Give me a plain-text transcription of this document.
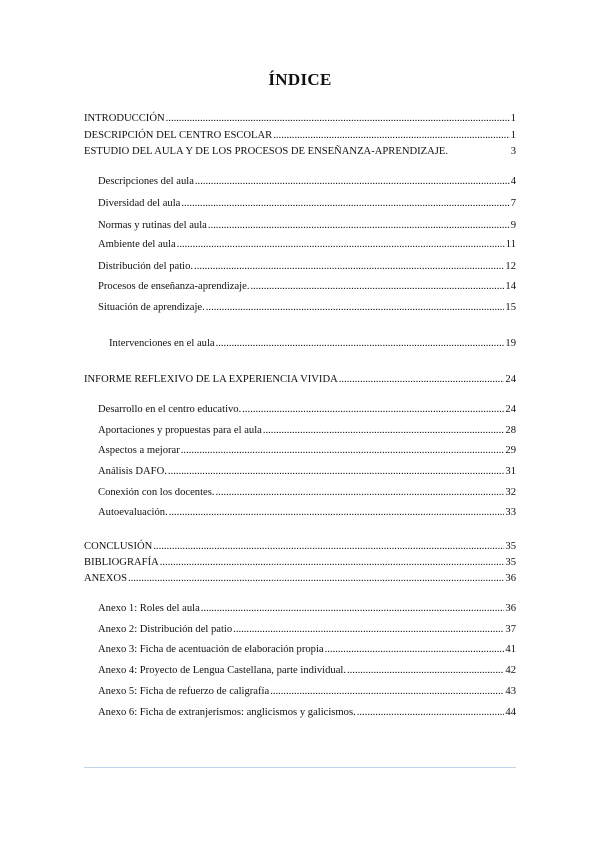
ÍNDICE
INTRODUCCIÓN .....	1
DESCRIPCIÓN DEL CENTRO ESCOLAR .....	1
ESTUDIO DEL AULA Y DE LOS PROCESOS DE ENSEÑANZA-APRENDIZAJE.	3
Descripciones del aula .....	4
Diversidad del aula .....	7
Normas y rutinas del aula .....	9
Ambiente del aula .....	11
Distribución del patio. .....	12
Procesos de enseñanza-aprendizaje. .....	14
Situación de aprendizaje. .....	15
Intervenciones en el aula .....	19
INFORME REFLEXIVO DE LA EXPERIENCIA VIVIDA .....	24
Desarrollo en el centro educativo. .....	24
Aportaciones y propuestas para el aula .....	28
Aspectos a mejorar .....	29
Análisis DAFO. .....	31
Conexión con los docentes. .....	32
Autoevaluación. .....	33
CONCLUSIÓN .....	35
BIBLIOGRAFÍA .....	35
ANEXOS .....	36
Anexo 1: Roles del aula .....	36
Anexo 2: Distribución del patio .....	37
Anexo 3: Ficha de acentuación de elaboración propia .....	41
Anexo 4: Proyecto de Lengua Castellana, parte individual. .....	42
Anexo 5: Ficha de refuerzo de caligrafía .....	43
Anexo 6: Ficha de extranjerismos: anglicismos y galicismos. .....	44
